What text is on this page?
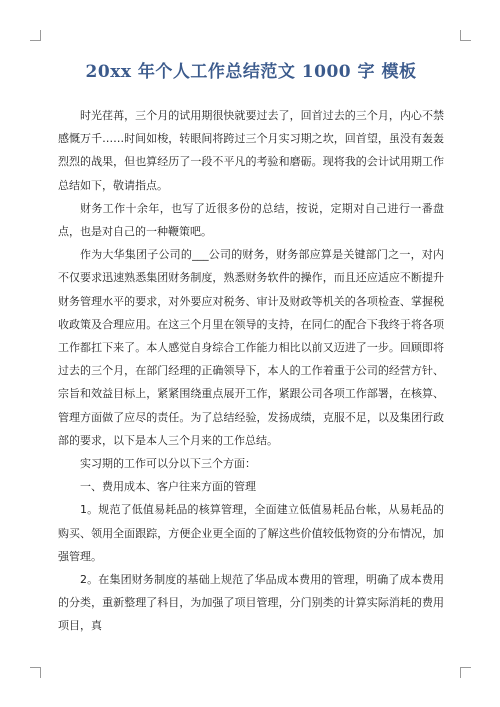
20xx 年个人工作总结范文 1000 字 模板

时光荏苒，三个月的试用期很快就要过去了，回首过去的三个月，内心不禁感慨万千……时间如梭，转眼间将跨过三个月实习期之坎，回首望，虽没有轰轰烈烈的战果，但也算经历了一段不平凡的考验和磨砺。现将我的会计试用期工作总结如下，敬请指点。

财务工作十余年，也写了近很多份的总结，按说，定期对自己进行一番盘点，也是对自己的一种鞭策吧。

作为大华集团子公司的___公司的财务，财务部应算是关键部门之一，对内不仅要求迅速熟悉集团财务制度，熟悉财务软件的操作，而且还应适应不断提升财务管理水平的要求，对外要应对税务、审计及财政等机关的各项检查、掌握税收政策及合理应用。在这三个月里在领导的支持，在同仁的配合下我终于将各项工作都扛下来了。本人感觉自身综合工作能力相比以前又迈进了一步。回顾即将过去的三个月，在部门经理的正确领导下，本人的工作着重于公司的经营方针、宗旨和效益目标上，紧紧围绕重点展开工作，紧跟公司各项工作部署，在核算、管理方面做了应尽的责任。为了总结经验，发扬成绩，克服不足，以及集团行政部的要求，以下是本人三个月来的工作总结。

实习期的工作可以分以下三个方面：

一、费用成本、客户往来方面的管理

1。规范了低值易耗品的核算管理，全面建立低值易耗品台帐，从易耗品的购买、领用全面跟踪，方便企业更全面的了解这些价值较低物资的分布情况，加强管理。

2。在集团财务制度的基础上规范了华品成本费用的管理，明确了成本费用的分类，重新整理了科目，为加强了项目管理，分门别类的计算实际消耗的费用项目，真
